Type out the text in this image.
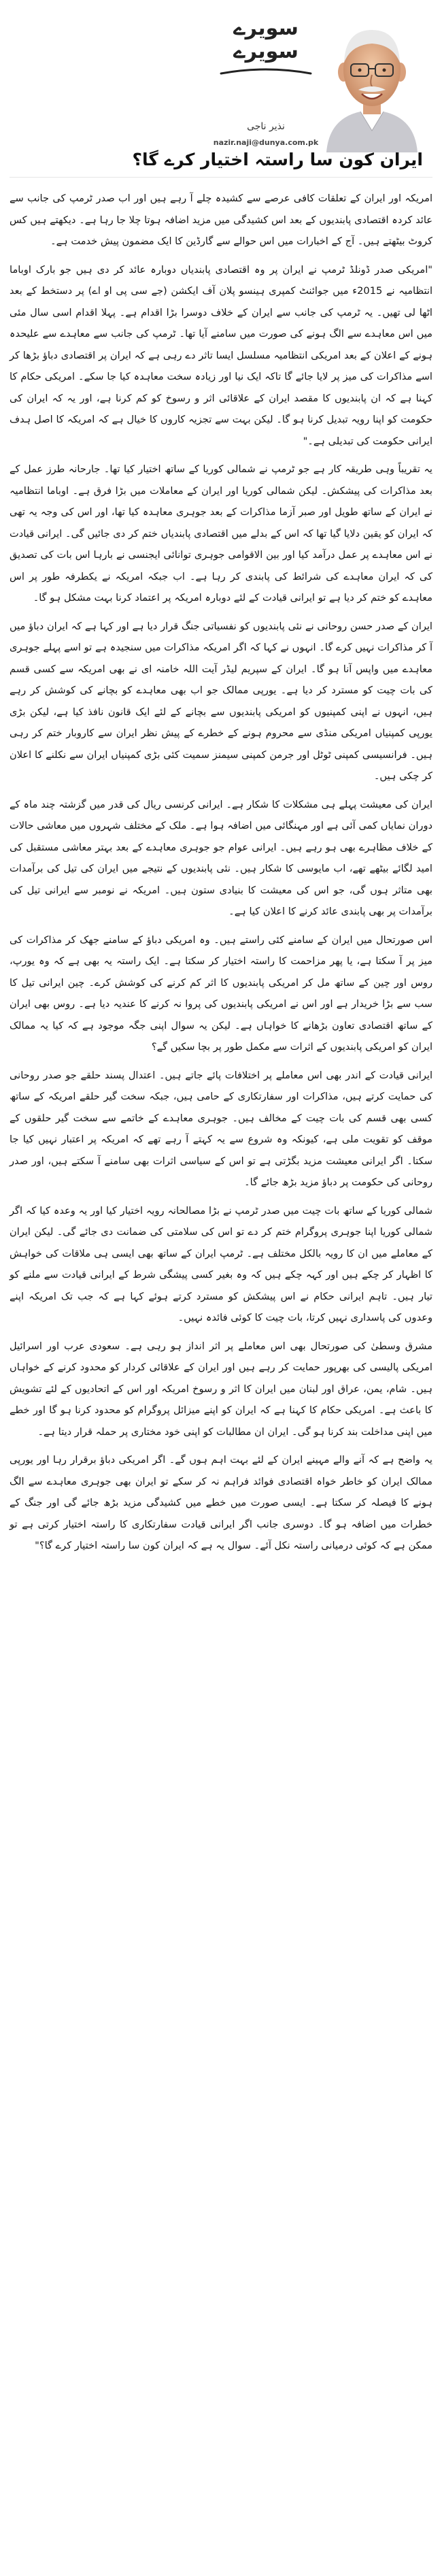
سویرے
سویرے
نذیر ناجی
nazir.naji@dunya.com.pk
ایران کون سا راستہ اختیار کرے گا؟

امریکہ اور ایران کے تعلقات کافی عرصے سے کشیدہ چلے آ رہے ہیں اور اب صدر ٹرمپ کی جانب سے عائد کردہ اقتصادی پابندیوں کے بعد اس کشیدگی میں مزید اضافہ ہوتا چلا جا رہا ہے۔ دیکھتے ہیں کس کروٹ بیٹھتے ہیں۔ آج کے اخبارات میں اس حوالے سے گارڈین کا ایک مضمون پیش خدمت ہے۔

"امریکی صدر ڈونلڈ ٹرمپ نے ایران پر وہ اقتصادی پابندیاں دوبارہ عائد کر دی ہیں جو بارک اوباما انتظامیہ نے 2015ء میں جوائنٹ کمپری ہینسو پلان آف ایکشن (جے سی پی او اے) پر دستخط کے بعد اٹھا لی تھیں۔ یہ ٹرمپ کی جانب سے ایران کے خلاف دوسرا بڑا اقدام ہے۔ پہلا اقدام اسی سال مئی میں اس معاہدے سے الگ ہونے کی صورت میں سامنے آیا تھا۔ ٹرمپ کی جانب سے معاہدے سے علیحدہ ہونے کے اعلان کے بعد امریکی انتظامیہ مسلسل ایسا تاثر دے رہی ہے کہ ایران پر اقتصادی دباؤ بڑھا کر اسے مذاکرات کی میز پر لایا جائے گا تاکہ ایک نیا اور زیادہ سخت معاہدہ کیا جا سکے۔ امریکی حکام کا کہنا ہے کہ ان پابندیوں کا مقصد ایران کے علاقائی اثر و رسوخ کو کم کرنا ہے، اور یہ کہ ایران کی حکومت کو اپنا رویہ تبدیل کرنا ہو گا۔ لیکن بہت سے تجزیہ کاروں کا خیال ہے کہ امریکہ کا اصل ہدف ایرانی حکومت کی تبدیلی ہے۔"

یہ تقریباً وہی طریقہ کار ہے جو ٹرمپ نے شمالی کوریا کے ساتھ اختیار کیا تھا۔ جارحانہ طرز عمل کے بعد مذاکرات کی پیشکش۔ لیکن شمالی کوریا اور ایران کے معاملات میں بڑا فرق ہے۔ اوباما انتظامیہ نے ایران کے ساتھ طویل اور صبر آزما مذاکرات کے بعد جوہری معاہدہ کیا تھا، اور اس کی وجہ یہ تھی کہ ایران کو یقین دلایا گیا تھا کہ اس کے بدلے میں اقتصادی پابندیاں ختم کر دی جائیں گی۔ ایرانی قیادت نے اس معاہدے پر عمل درآمد کیا اور بین الاقوامی جوہری توانائی ایجنسی نے بارہا اس بات کی تصدیق کی کہ ایران معاہدے کی شرائط کی پابندی کر رہا ہے۔ اب جبکہ امریکہ نے یکطرفہ طور پر اس معاہدے کو ختم کر دیا ہے تو ایرانی قیادت کے لئے دوبارہ امریکہ پر اعتماد کرنا بہت مشکل ہو گا۔

ایران کے صدر حسن روحانی نے نئی پابندیوں کو نفسیاتی جنگ قرار دیا ہے اور کہا ہے کہ ایران دباؤ میں آ کر مذاکرات نہیں کرے گا۔ انہوں نے کہا کہ اگر امریکہ مذاکرات میں سنجیدہ ہے تو اسے پہلے جوہری معاہدے میں واپس آنا ہو گا۔ ایران کے سپریم لیڈر آیت اللہ خامنہ ای نے بھی امریکہ سے کسی قسم کی بات چیت کو مسترد کر دیا ہے۔ یورپی ممالک جو اب بھی معاہدے کو بچانے کی کوشش کر رہے ہیں، انہوں نے اپنی کمپنیوں کو امریکی پابندیوں سے بچانے کے لئے ایک قانون نافذ کیا ہے، لیکن بڑی یورپی کمپنیاں امریکی منڈی سے محروم ہونے کے خطرے کے پیش نظر ایران سے کاروبار ختم کر رہی ہیں۔ فرانسیسی کمپنی ٹوٹل اور جرمن کمپنی سیمنز سمیت کئی بڑی کمپنیاں ایران سے نکلنے کا اعلان کر چکی ہیں۔

ایران کی معیشت پہلے ہی مشکلات کا شکار ہے۔ ایرانی کرنسی ریال کی قدر میں گزشتہ چند ماہ کے دوران نمایاں کمی آئی ہے اور مہنگائی میں اضافہ ہوا ہے۔ ملک کے مختلف شہروں میں معاشی حالات کے خلاف مظاہرے بھی ہو رہے ہیں۔ ایرانی عوام جو جوہری معاہدے کے بعد بہتر معاشی مستقبل کی امید لگائے بیٹھے تھے، اب مایوسی کا شکار ہیں۔ نئی پابندیوں کے نتیجے میں ایران کی تیل کی برآمدات بھی متاثر ہوں گی، جو اس کی معیشت کا بنیادی ستون ہیں۔ امریکہ نے نومبر سے ایرانی تیل کی برآمدات پر بھی پابندی عائد کرنے کا اعلان کیا ہے۔

اس صورتحال میں ایران کے سامنے کئی راستے ہیں۔ وہ امریکی دباؤ کے سامنے جھک کر مذاکرات کی میز پر آ سکتا ہے، یا پھر مزاحمت کا راستہ اختیار کر سکتا ہے۔ ایک راستہ یہ بھی ہے کہ وہ یورپ، روس اور چین کے ساتھ مل کر امریکی پابندیوں کا اثر کم کرنے کی کوشش کرے۔ چین ایرانی تیل کا سب سے بڑا خریدار ہے اور اس نے امریکی پابندیوں کی پروا نہ کرنے کا عندیہ دیا ہے۔ روس بھی ایران کے ساتھ اقتصادی تعاون بڑھانے کا خواہاں ہے۔ لیکن یہ سوال اپنی جگہ موجود ہے کہ کیا یہ ممالک ایران کو امریکی پابندیوں کے اثرات سے مکمل طور پر بچا سکیں گے؟

ایرانی قیادت کے اندر بھی اس معاملے پر اختلافات پائے جاتے ہیں۔ اعتدال پسند حلقے جو صدر روحانی کی حمایت کرتے ہیں، مذاکرات اور سفارتکاری کے حامی ہیں، جبکہ سخت گیر حلقے امریکہ کے ساتھ کسی بھی قسم کی بات چیت کے مخالف ہیں۔ جوہری معاہدے کے خاتمے سے سخت گیر حلقوں کے موقف کو تقویت ملی ہے، کیونکہ وہ شروع سے یہ کہتے آ رہے تھے کہ امریکہ پر اعتبار نہیں کیا جا سکتا۔ اگر ایرانی معیشت مزید بگڑتی ہے تو اس کے سیاسی اثرات بھی سامنے آ سکتے ہیں، اور صدر روحانی کی حکومت پر دباؤ مزید بڑھ جائے گا۔

شمالی کوریا کے ساتھ بات چیت میں صدر ٹرمپ نے بڑا مصالحانہ رویہ اختیار کیا اور یہ وعدہ کیا کہ اگر شمالی کوریا اپنا جوہری پروگرام ختم کر دے تو اس کی سلامتی کی ضمانت دی جائے گی۔ لیکن ایران کے معاملے میں ان کا رویہ بالکل مختلف ہے۔ ٹرمپ ایران کے ساتھ بھی ایسی ہی ملاقات کی خواہش کا اظہار کر چکے ہیں اور کہہ چکے ہیں کہ وہ بغیر کسی پیشگی شرط کے ایرانی قیادت سے ملنے کو تیار ہیں۔ تاہم ایرانی حکام نے اس پیشکش کو مسترد کرتے ہوئے کہا ہے کہ جب تک امریکہ اپنے وعدوں کی پاسداری نہیں کرتا، بات چیت کا کوئی فائدہ نہیں۔

مشرق وسطیٰ کی صورتحال بھی اس معاملے پر اثر انداز ہو رہی ہے۔ سعودی عرب اور اسرائیل امریکی پالیسی کی بھرپور حمایت کر رہے ہیں اور ایران کے علاقائی کردار کو محدود کرنے کے خواہاں ہیں۔ شام، یمن، عراق اور لبنان میں ایران کا اثر و رسوخ امریکہ اور اس کے اتحادیوں کے لئے تشویش کا باعث ہے۔ امریکی حکام کا کہنا ہے کہ ایران کو اپنے میزائل پروگرام کو محدود کرنا ہو گا اور خطے میں اپنی مداخلت بند کرنا ہو گی۔ ایران ان مطالبات کو اپنی خود مختاری پر حملہ قرار دیتا ہے۔

یہ واضح ہے کہ آنے والے مہینے ایران کے لئے بہت اہم ہوں گے۔ اگر امریکی دباؤ برقرار رہا اور یورپی ممالک ایران کو خاطر خواہ اقتصادی فوائد فراہم نہ کر سکے تو ایران بھی جوہری معاہدے سے الگ ہونے کا فیصلہ کر سکتا ہے۔ ایسی صورت میں خطے میں کشیدگی مزید بڑھ جائے گی اور جنگ کے خطرات میں اضافہ ہو گا۔ دوسری جانب اگر ایرانی قیادت سفارتکاری کا راستہ اختیار کرتی ہے تو ممکن ہے کہ کوئی درمیانی راستہ نکل آئے۔ سوال یہ ہے کہ ایران کون سا راستہ اختیار کرے گا؟"
